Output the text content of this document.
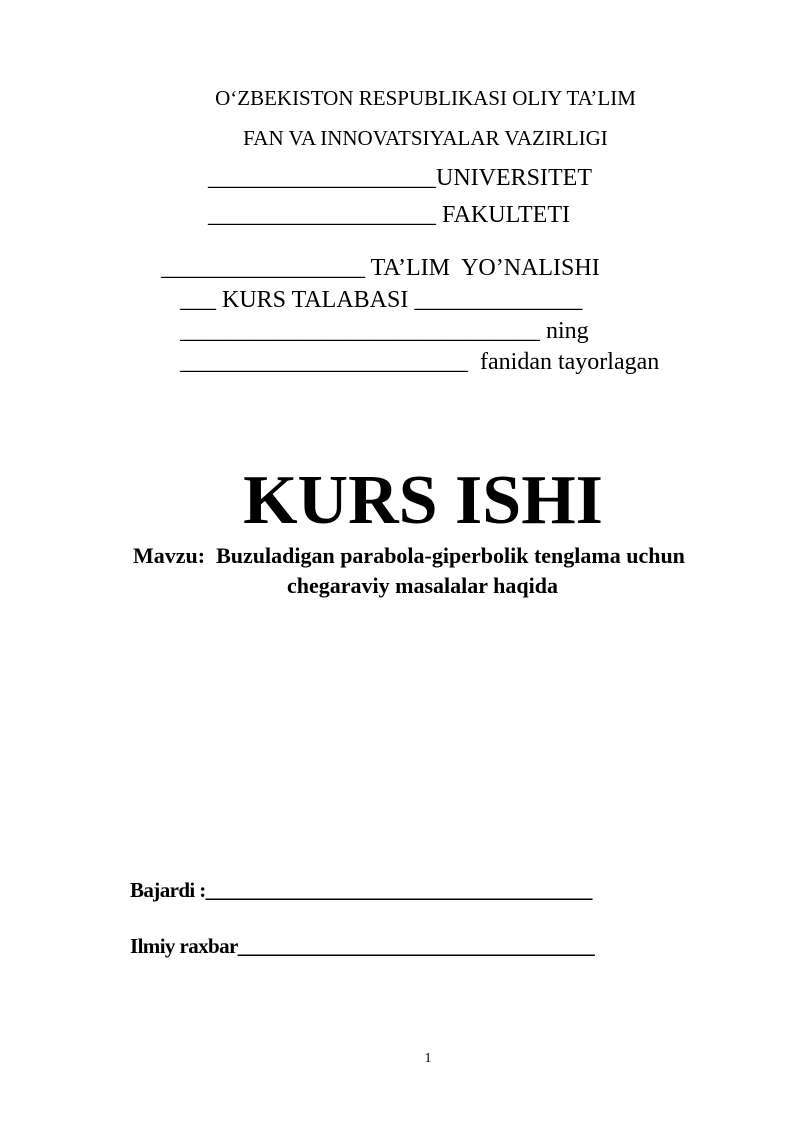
O‘ZBEKISTON RESPUBLIKASI OLIY TA’LIM
FAN VA INNOVATSIYALAR VAZIRLIGI
___________________UNIVERSITET
___________________ FAKULTETI
_________________ TA’LIM  YO’NALISHI
___ KURS TALABASI ______________
______________________________ ning
________________________  fanidan tayorlagan
KURS ISHI
Mavzu:  Buzuladigan parabola-giperbolik tenglama uchun
chegaraviy masalalar haqida
Bajardi :_______________________________________
Ilmiy raxbar____________________________________
1
